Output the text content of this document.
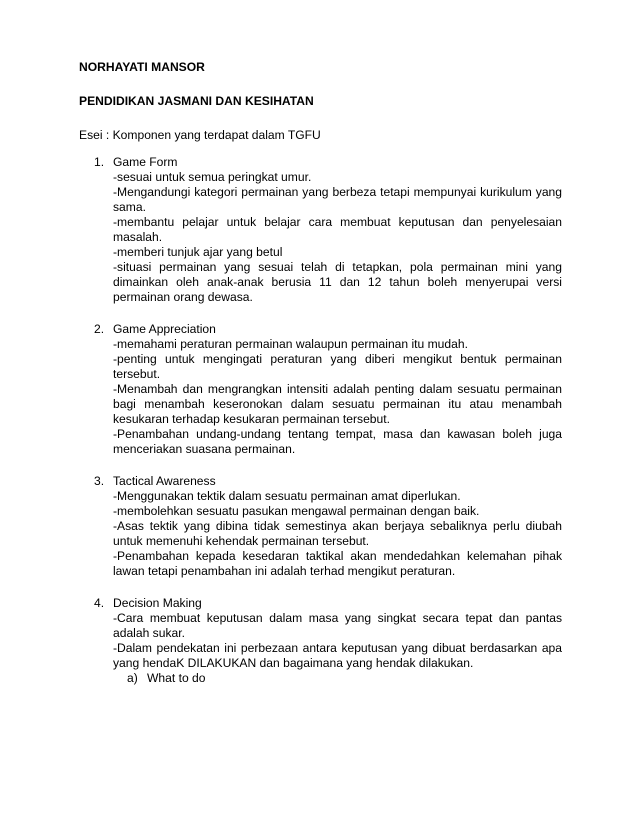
NORHAYATI MANSOR

PENDIDIKAN JASMANI DAN KESIHATAN

Esei : Komponen yang terdapat dalam TGFU

1. Game Form
-sesuai untuk semua peringkat umur.
-Mengandungi kategori permainan yang berbeza tetapi mempunyai kurikulum yang sama.
-membantu pelajar untuk belajar cara membuat keputusan dan penyelesaian masalah.
-memberi tunjuk ajar yang betul
-situasi permainan yang sesuai telah di tetapkan, pola permainan mini yang dimainkan oleh anak-anak berusia 11 dan 12 tahun boleh menyerupai versi permainan orang dewasa.
2. Game Appreciation
-memahami peraturan permainan walaupun permainan itu mudah.
-penting untuk mengingati peraturan yang diberi mengikut bentuk permainan tersebut.
-Menambah dan mengrangkan intensiti adalah penting dalam sesuatu permainan bagi menambah keseronokan dalam sesuatu permainan itu atau menambah kesukaran terhadap kesukaran permainan tersebut.
-Penambahan undang-undang tentang tempat, masa dan kawasan boleh juga menceriakan suasana permainan.
3. Tactical Awareness
-Menggunakan tektik dalam sesuatu permainan amat diperlukan.
-membolehkan sesuatu pasukan mengawal permainan dengan baik.
-Asas tektik yang dibina tidak semestinya akan berjaya sebaliknya perlu diubah untuk memenuhi kehendak permainan tersebut.
-Penambahan kepada kesedaran taktikal akan mendedahkan kelemahan pihak lawan tetapi penambahan ini adalah terhad mengikut peraturan.
4. Decision Making
-Cara membuat keputusan dalam masa yang singkat secara tepat dan pantas adalah sukar.
-Dalam pendekatan ini perbezaan antara keputusan yang dibuat berdasarkan apa yang hendaK DILAKUKAN dan bagaimana yang hendak dilakukan.
a) What to do
